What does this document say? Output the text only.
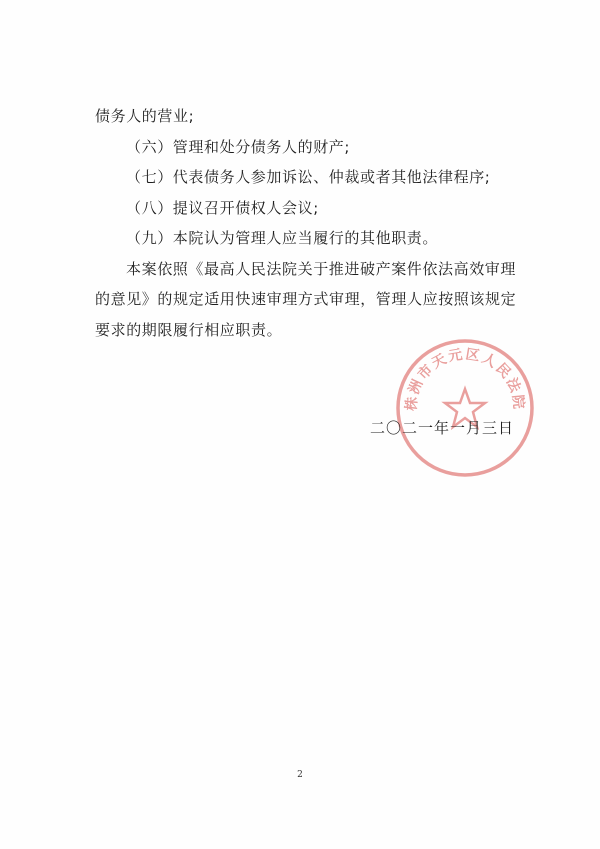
债务人的营业;
（六）管理和处分债务人的财产;
（七）代表债务人参加诉讼、仲裁或者其他法律程序;
（八）提议召开债权人会议;
（九）本院认为管理人应当履行的其他职责。
本案依照《最高人民法院关于推进破产案件依法高效审理
的意见》的规定适用快速审理方式审理，管理人应按照该规定
要求的期限履行相应职责。
株洲市天元区人民法院
二〇二一年一月三日
2
